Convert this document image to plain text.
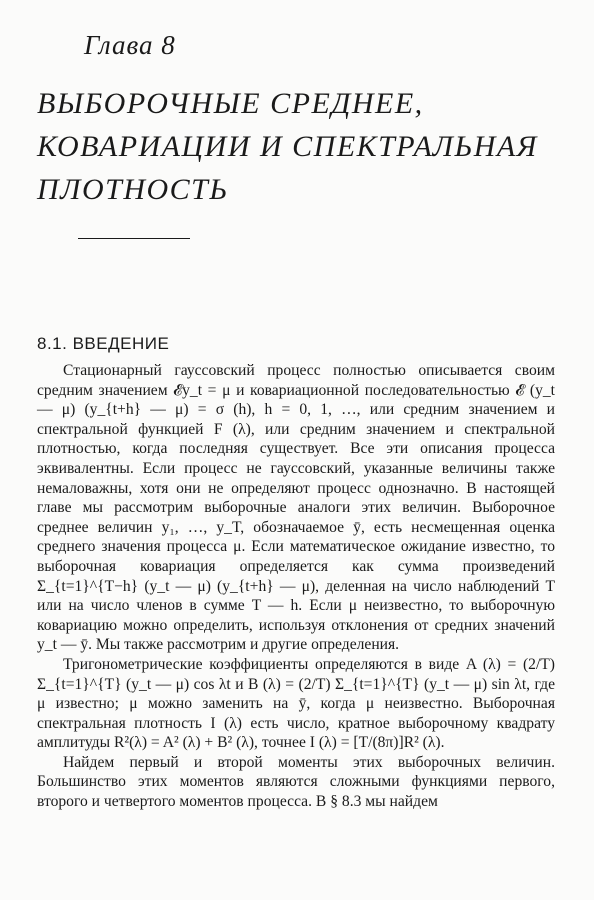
Глава 8
ВЫБОРОЧНЫЕ СРЕДНЕЕ,
КОВАРИАЦИИ И СПЕКТРАЛЬНАЯ
ПЛОТНОСТЬ
8.1. ВВЕДЕНИЕ

Стационарный гауссовский процесс полностью описывается своим средним значением 𝓔y_t = μ и ковариационной последовательностью 𝓔 (y_t — μ) (y_{t+h} — μ) = σ (h), h = 0, 1, …, или средним значением и спектральной функцией F (λ), или средним значением и спектральной плотностью, когда последняя существует. Все эти описания процесса эквивалентны. Если процесс не гауссовский, указанные величины также немаловажны, хотя они не определяют процесс однозначно. В настоящей главе мы рассмотрим выборочные аналоги этих величин. Выборочное среднее величин y₁, …, y_T, обозначаемое ȳ, есть несмещенная оценка среднего значения процесса μ. Если математическое ожидание известно, то выборочная ковариация определяется как сумма произведений Σ_{t=1}^{T−h} (y_t — μ) (y_{t+h} — μ), деленная на число наблюдений T или на число членов в сумме T — h. Если μ неизвестно, то выборочную ковариацию можно определить, используя отклонения от средних значений y_t — ȳ. Мы также рассмотрим и другие определения.

Тригонометрические коэффициенты определяются в виде A (λ) = (2/T) Σ_{t=1}^{T} (y_t — μ) cos λt и B (λ) = (2/T) Σ_{t=1}^{T} (y_t — μ) sin λt, где μ известно; μ можно заменить на ȳ, когда μ неизвестно. Выборочная спектральная плотность I (λ) есть число, кратное выборочному квадрату амплитуды R²(λ) = A² (λ) + B² (λ), точнее I (λ) = [T/(8π)]R² (λ).

Найдем первый и второй моменты этих выборочных величин. Большинство этих моментов являются сложными функциями первого, второго и четвертого моментов процесса. В § 8.3 мы найдем
